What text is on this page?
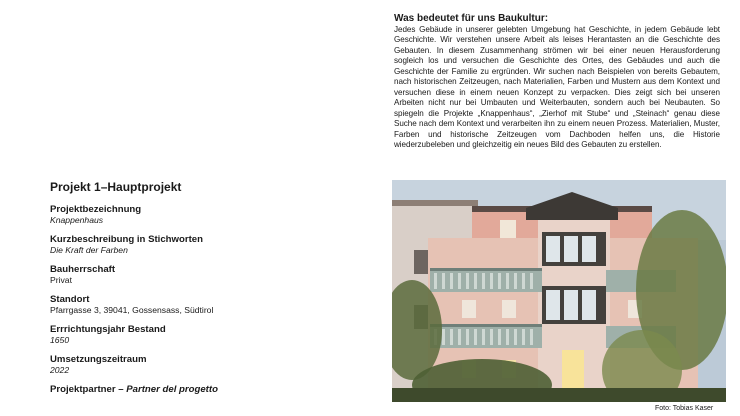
Was bedeutet für uns Baukultur:

Jedes Gebäude in unserer gelebten Umgebung hat Geschichte, in jedem Gebäude lebt Geschichte. Wir verstehen unsere Arbeit als leises Herantasten an die Geschichte des Gebauten. In diesem Zusammenhang strömen wir bei einer neuen Herausforderung sogleich los und versuchen die Geschichte des Ortes, des Gebäudes und auch die Geschichte der Familie zu ergründen. Wir suchen nach Beispielen von bereits Gebautem, nach historischen Zeitzeugen, nach Materialien, Farben und Mustern aus dem Kontext und versuchen diese in einem neuen Konzept zu verpacken. Dies zeigt sich bei unseren Arbeiten nicht nur bei Umbauten und Weiterbauten, sondern auch bei Neubauten. So spiegeln die Projekte „Knappenhaus“, „Zierhof mit Stube“ und „Steinach“ genau diese Suche nach dem Kontext und verarbeiten ihn zu einem neuen Prozess. Materialien, Muster, Farben und historische Zeitzeugen vom Dachboden helfen uns, die Historie wiederzubeleben und gleichzeitig ein neues Bild des Gebauten zu erstellen.

Projekt 1–Hauptprojekt
Projektbezeichnung
Knappenhaus
Kurzbeschreibung in Stichworten
Die Kraft der Farben
Bauherrschaft
Privat
Standort
Pfarrgasse 3, 39041, Gossensass, Südtirol
Errrichtungsjahr Bestand
1650
Umsetzungszeitraum
2022
Projektpartner – Partner del progetto
Foto: Tobias Kaser
